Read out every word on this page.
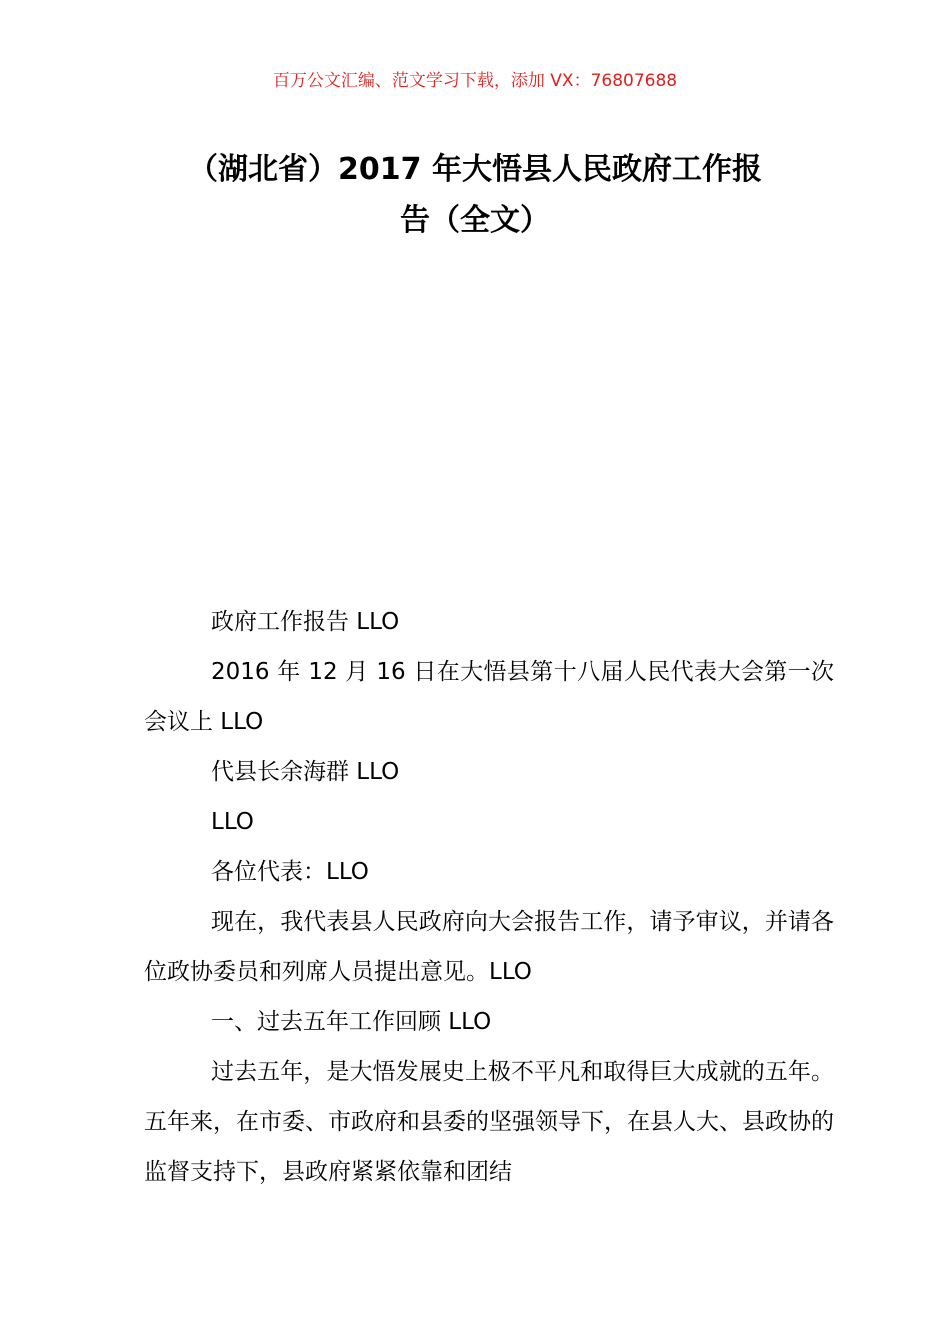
百万公文汇编、范文学习下载，添加 VX：76807688
（湖北省）2017 年大悟县人民政府工作报
告（全文）

政府工作报告 LLO

2016 年 12 月 16 日在大悟县第十八届人民代表大会第一次会议上 LLO

代县长余海群 LLO

LLO

各位代表：LLO

现在，我代表县人民政府向大会报告工作，请予审议，并请各位政协委员和列席人员提出意见。LLO

一、过去五年工作回顾 LLO

过去五年，是大悟发展史上极不平凡和取得巨大成就的五年。五年来，在市委、市政府和县委的坚强领导下，在县人大、县政协的监督支持下，县政府紧紧依靠和团结
